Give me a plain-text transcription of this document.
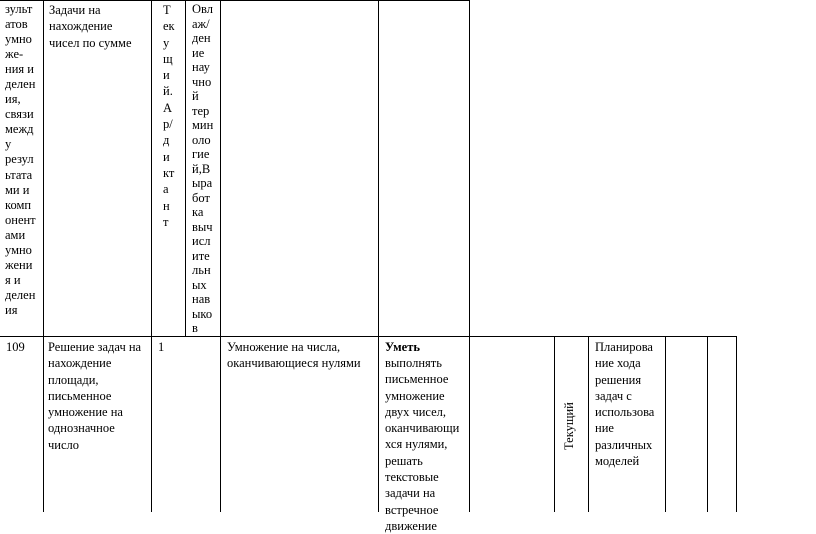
зульт
атов
умно
же-
ния и
делен
ия,
связи
межд
у
резул
ьтата
ми и
комп
онент
ами
умно
жени
я и
делен
ия
Задачи на
нахождение
чисел по сумме
Т
ек
у
щ
и
й.
А
р/
д
и
кт
а
н
т
Овл
аж/
ден
ие
нау
чно
й
тер
мин
оло
гие
й,В
ыра
бот
ка
выч
исл
ите
льн
ых
нав
ыко
в
109 Решение задач на
нахождение
площади,
письменное
умножение на
однозначное
число
1	Умножение на числа,
оканчивающиеся нулями
Уметь
выполнять
письменное
умножение
двух чисел,
оканчивающи
хся нулями,
решать
текстовые
задачи на
встречное
движение
Текущий
Планирова
ние хода
решения
задач с
использова
ние
различных
моделей
